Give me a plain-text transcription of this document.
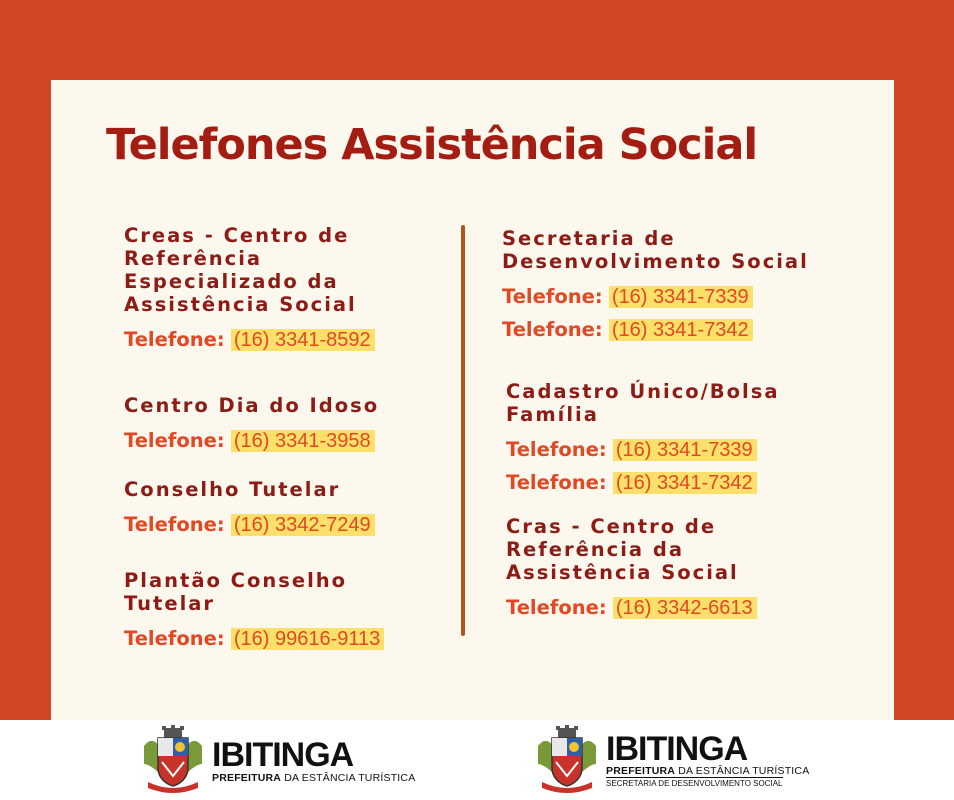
Telefones Assistência Social
Creas - Centro de
Referência
Especializado da
Assistência Social

Telefone: (16) 3341-8592

Centro Dia do Idoso

Telefone: (16) 3341-3958

Conselho Tutelar

Telefone: (16) 3342-7249

Plantão Conselho
Tutelar

Telefone: (16) 99616-9113

Secretaria de
Desenvolvimento Social

Telefone: (16) 3341-7339

Telefone: (16) 3341-7342

Cadastro Único/Bolsa
Família

Telefone: (16) 3341-7339

Telefone: (16) 3341-7342

Cras - Centro de
Referência da
Assistência Social

Telefone: (16) 3342-6613

IBITINGA
PREFEITURA DA ESTÂNCIA TURÍSTICA
IBITINGA
PREFEITURA DA ESTÂNCIA TURÍSTICA
SECRETARIA DE DESENVOLVIMENTO SOCIAL
